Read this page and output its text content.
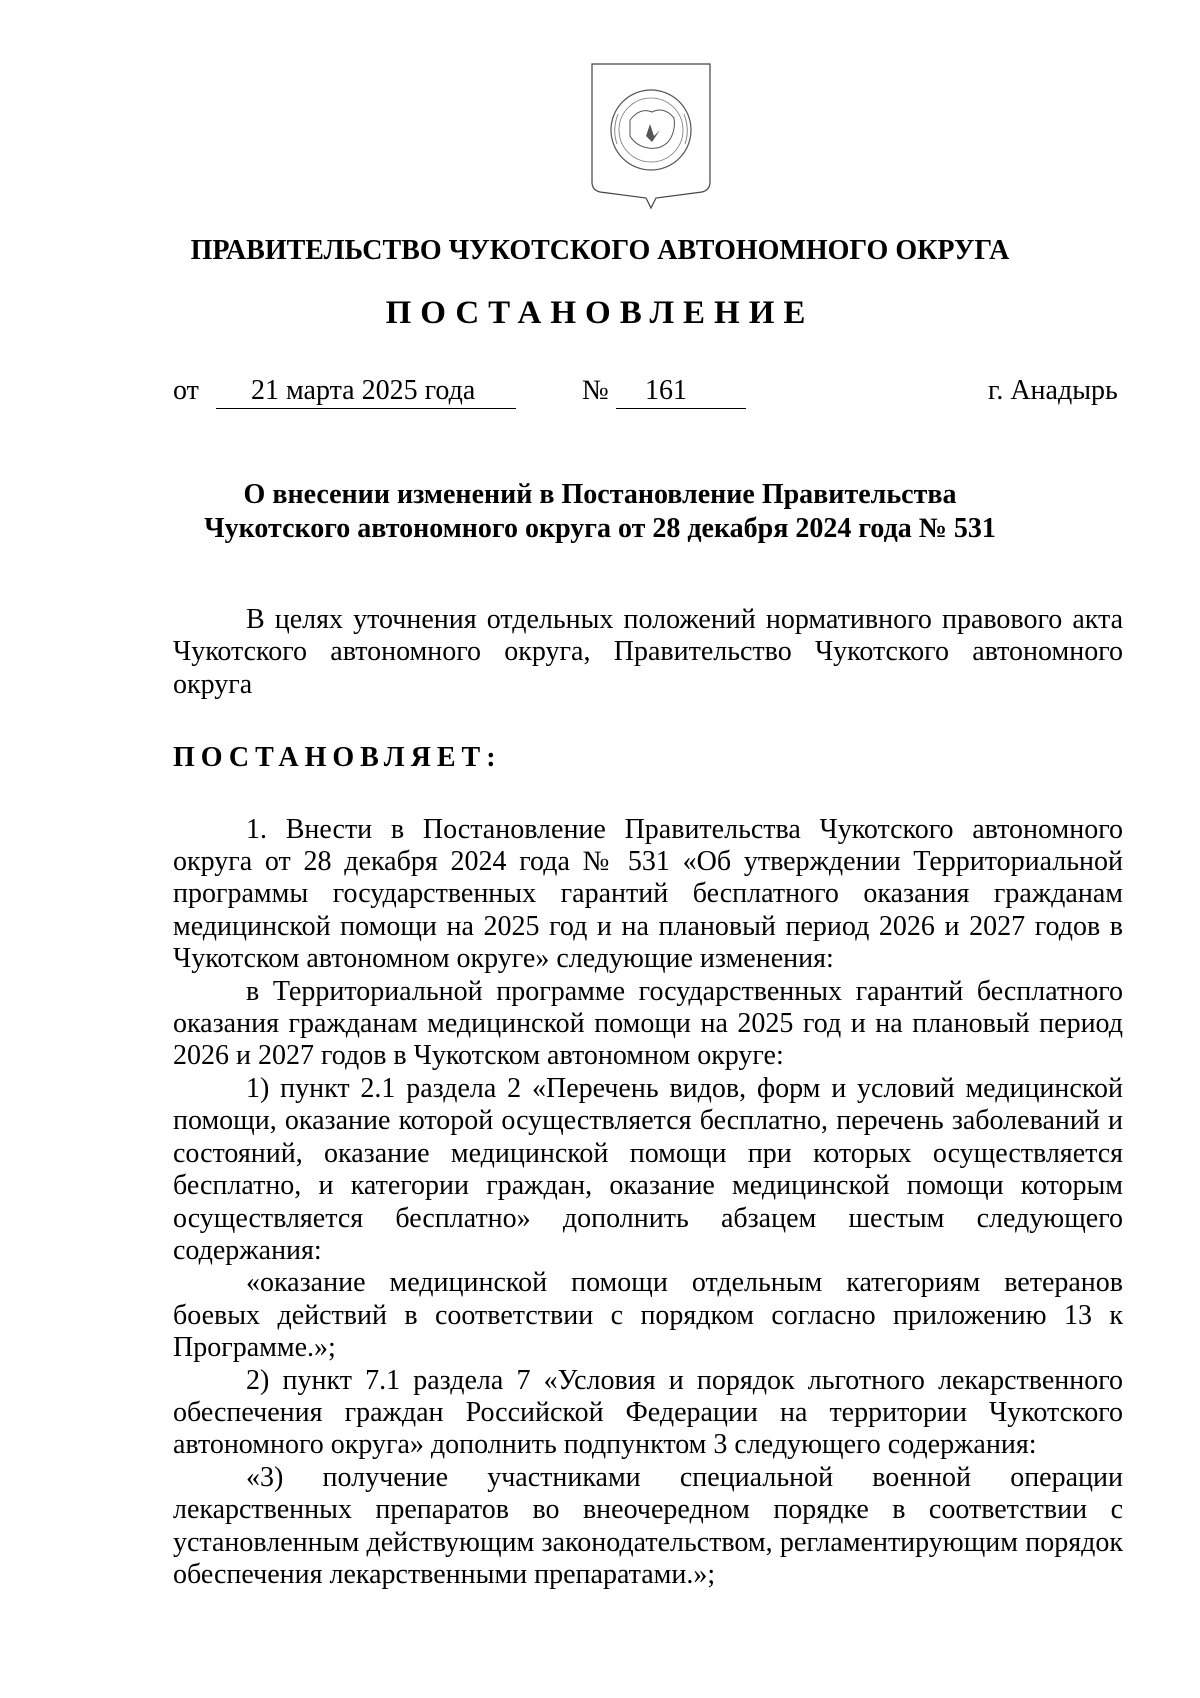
ПРАВИТЕЛЬСТВО ЧУКОТСКОГО АВТОНОМНОГО ОКРУГА
ПОСТАНОВЛЕНИЕ
от 21 марта 2025 года	№ 161	г. Анадырь
О внесении изменений в Постановление Правительства
Чукотского автономного округа от 28 декабря 2024 года № 531

В целях уточнения отдельных положений нормативного правового акта Чукотского автономного округа, Правительство Чукотского автономного округа

ПОСТАНОВЛЯЕТ:

1. Внести в Постановление Правительства Чукотского автономного округа от 28 декабря 2024 года № 531 «Об утверждении Территориальной программы государственных гарантий бесплатного оказания гражданам медицинской помощи на 2025 год и на плановый период 2026 и 2027 годов в Чукотском автономном округе» следующие изменения:

в Территориальной программе государственных гарантий бесплатного оказания гражданам медицинской помощи на 2025 год и на плановый период 2026 и 2027 годов в Чукотском автономном округе:

1) пункт 2.1 раздела 2 «Перечень видов, форм и условий медицинской помощи, оказание которой осуществляется бесплатно, перечень заболеваний и состояний, оказание медицинской помощи при которых осуществляется бесплатно, и категории граждан, оказание медицинской помощи которым осуществляется бесплатно» дополнить абзацем шестым следующего содержания:

«оказание медицинской помощи отдельным категориям ветеранов боевых действий в соответствии с порядком согласно приложению 13 к Программе.»;

2) пункт 7.1 раздела 7 «Условия и порядок льготного лекарственного обеспечения граждан Российской Федерации на территории Чукотского автономного округа» дополнить подпунктом 3 следующего содержания:

«3) получение участниками специальной военной операции лекарственных препаратов во внеочередном порядке в соответствии с установленным действующим законодательством, регламентирующим порядок обеспечения лекарственными препаратами.»;
